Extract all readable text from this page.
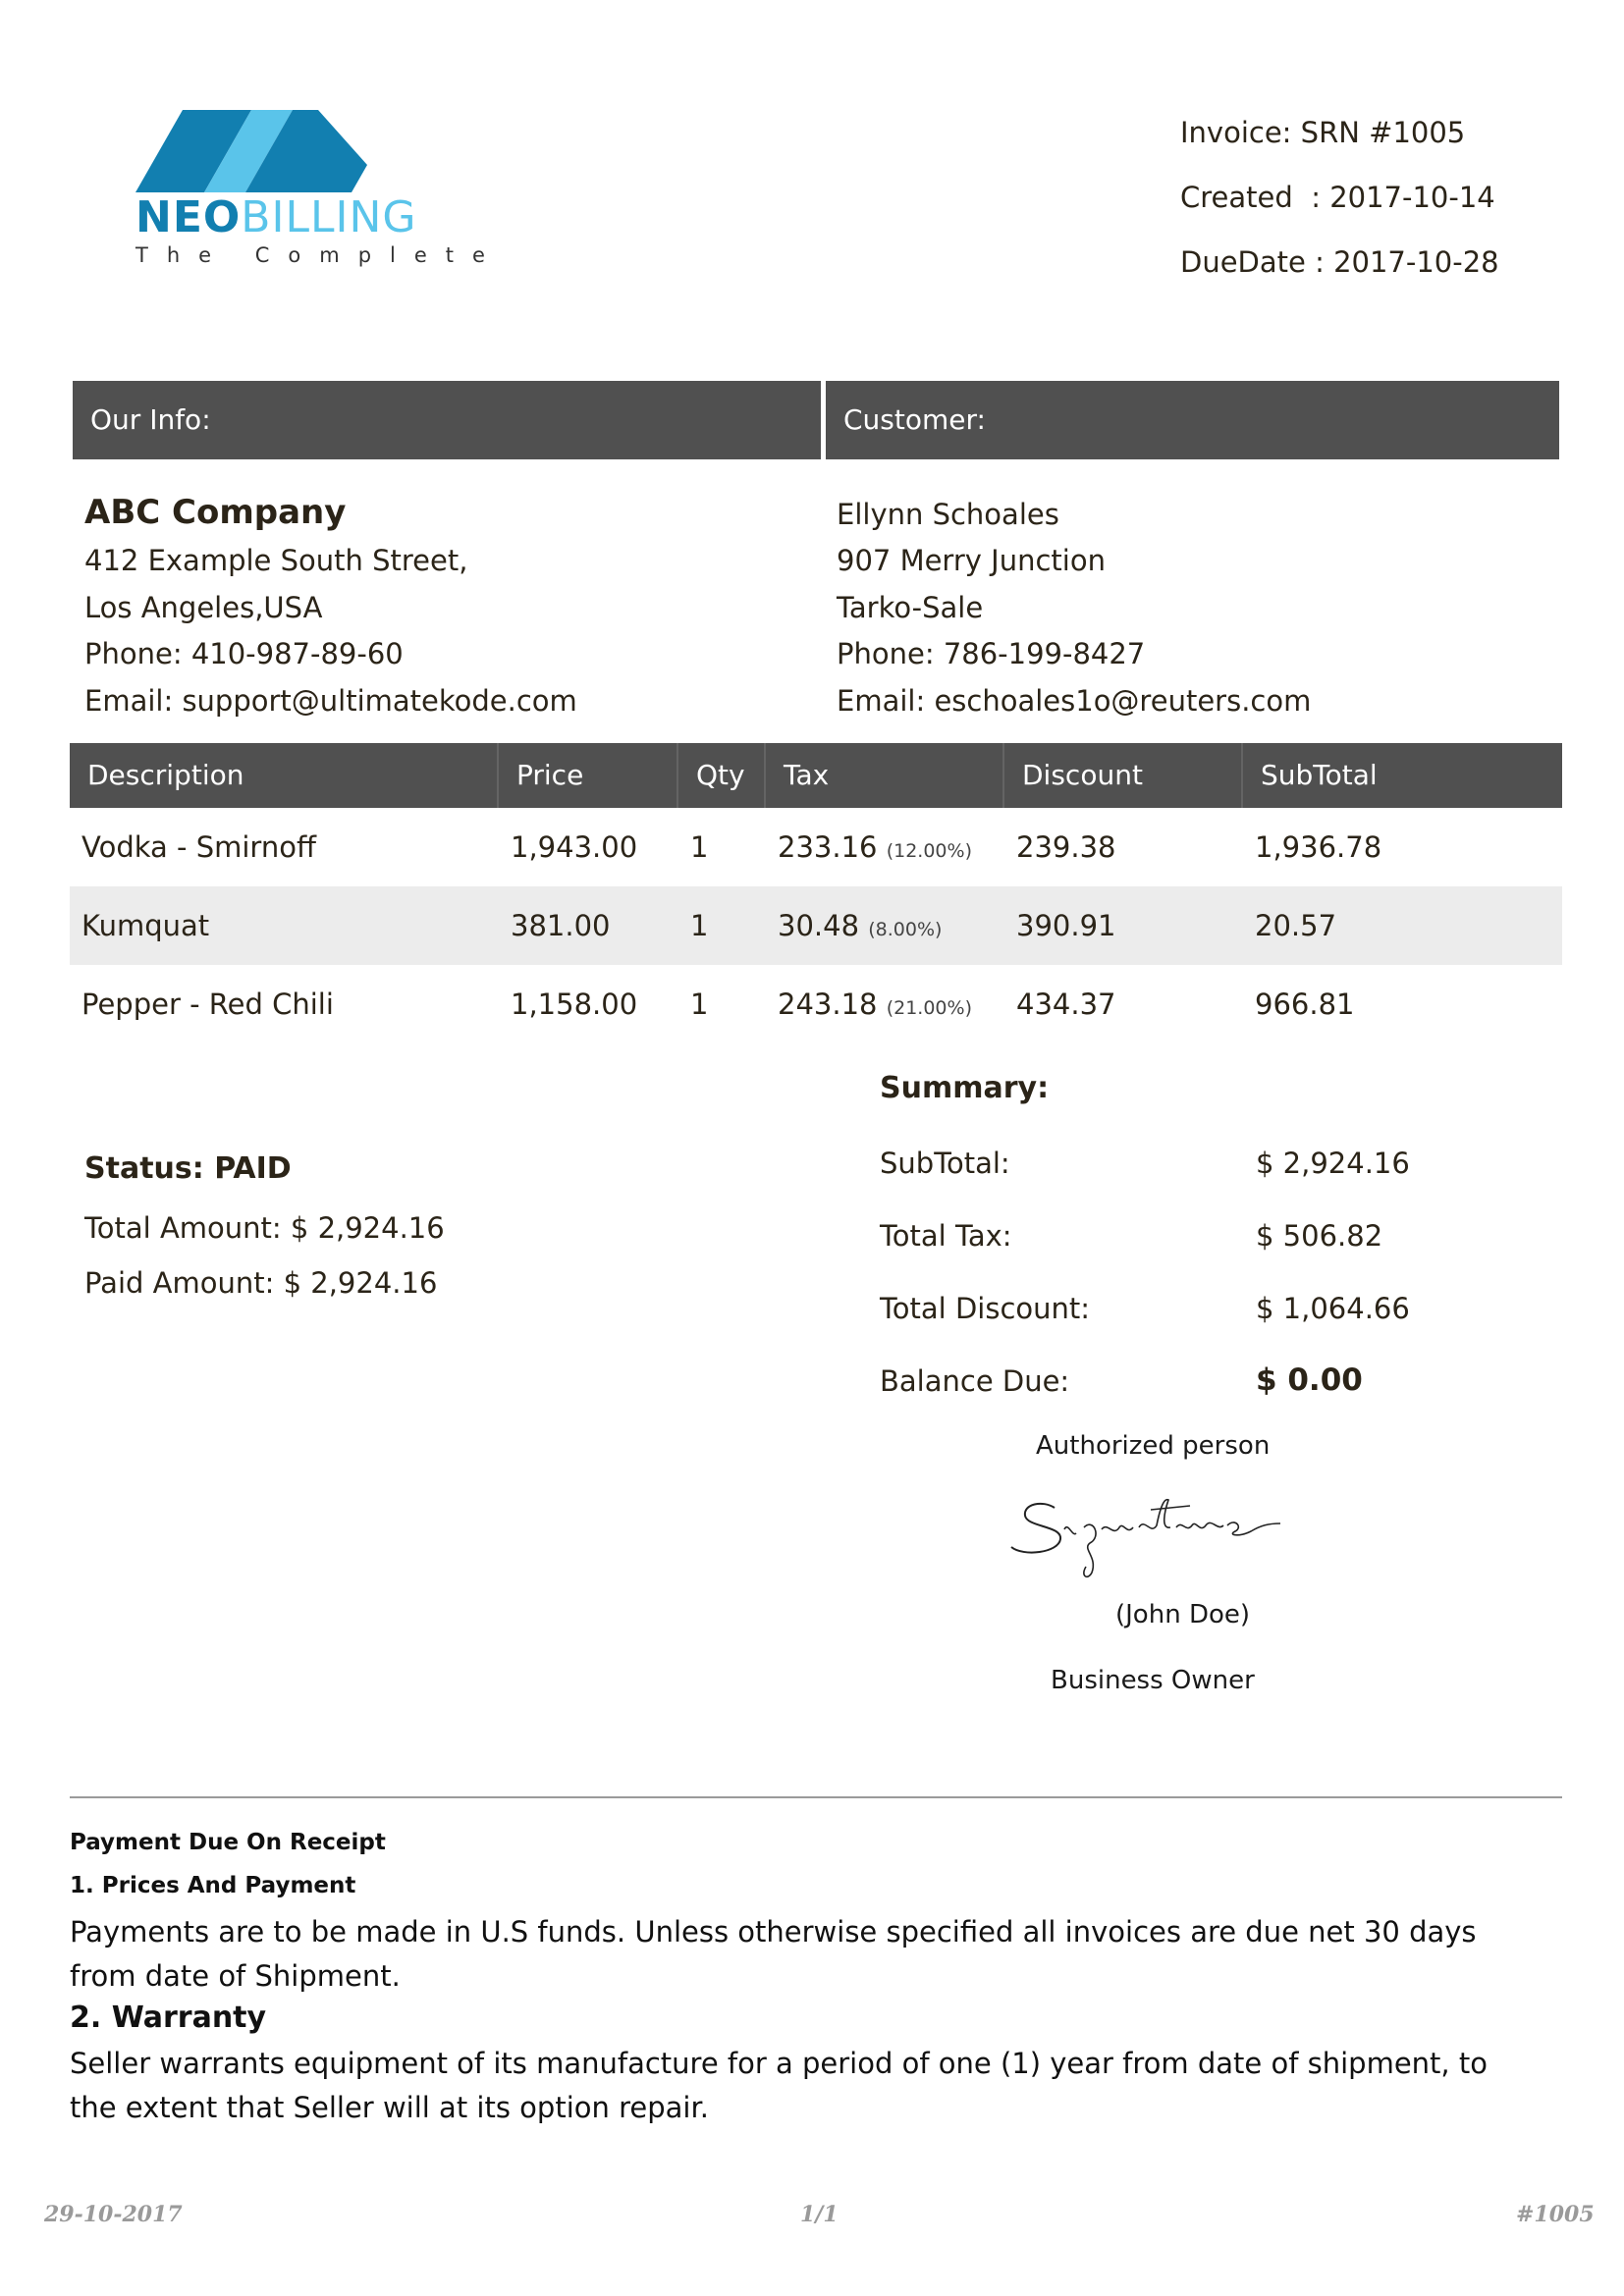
NEOBILLING
The Complete
Invoice: SRN #1005
Created  : 2017-10-14
DueDate : 2017-10-28
Our Info:	Customer:
ABC Company
412 Example South Street,
Los Angeles,USA
Phone: 410-987-89-60
Email: support@ultimatekode.com
Ellynn Schoales
907 Merry Junction
Tarko-Sale
Phone: 786-199-8427
Email: eschoales1o@reuters.com
Description	Price	Qty	Tax	Discount	SubTotal
Vodka - Smirnoff	1,943.00	1	233.16 (12.00%)	239.38	1,936.78
Kumquat	381.00	1	30.48 (8.00%)	390.91	20.57
Pepper - Red Chili	1,158.00	1	243.18 (21.00%)	434.37	966.81
Status: PAID
Total Amount: $ 2,924.16
Paid Amount: $ 2,924.16
Summary:
SubTotal:	$ 2,924.16
Total Tax:	$ 506.82
Total Discount:	$ 1,064.66
Balance Due:	$ 0.00
Authorized person
(John Doe)
Business Owner
Payment Due On Receipt
1. Prices And Payment
Payments are to be made in U.S funds. Unless otherwise specified all invoices are due net 30 days from date of Shipment.
2. Warranty
Seller warrants equipment of its manufacture for a period of one (1) year from date of shipment, to the extent that Seller will at its option repair.
29-10-2017	1/1	#1005
